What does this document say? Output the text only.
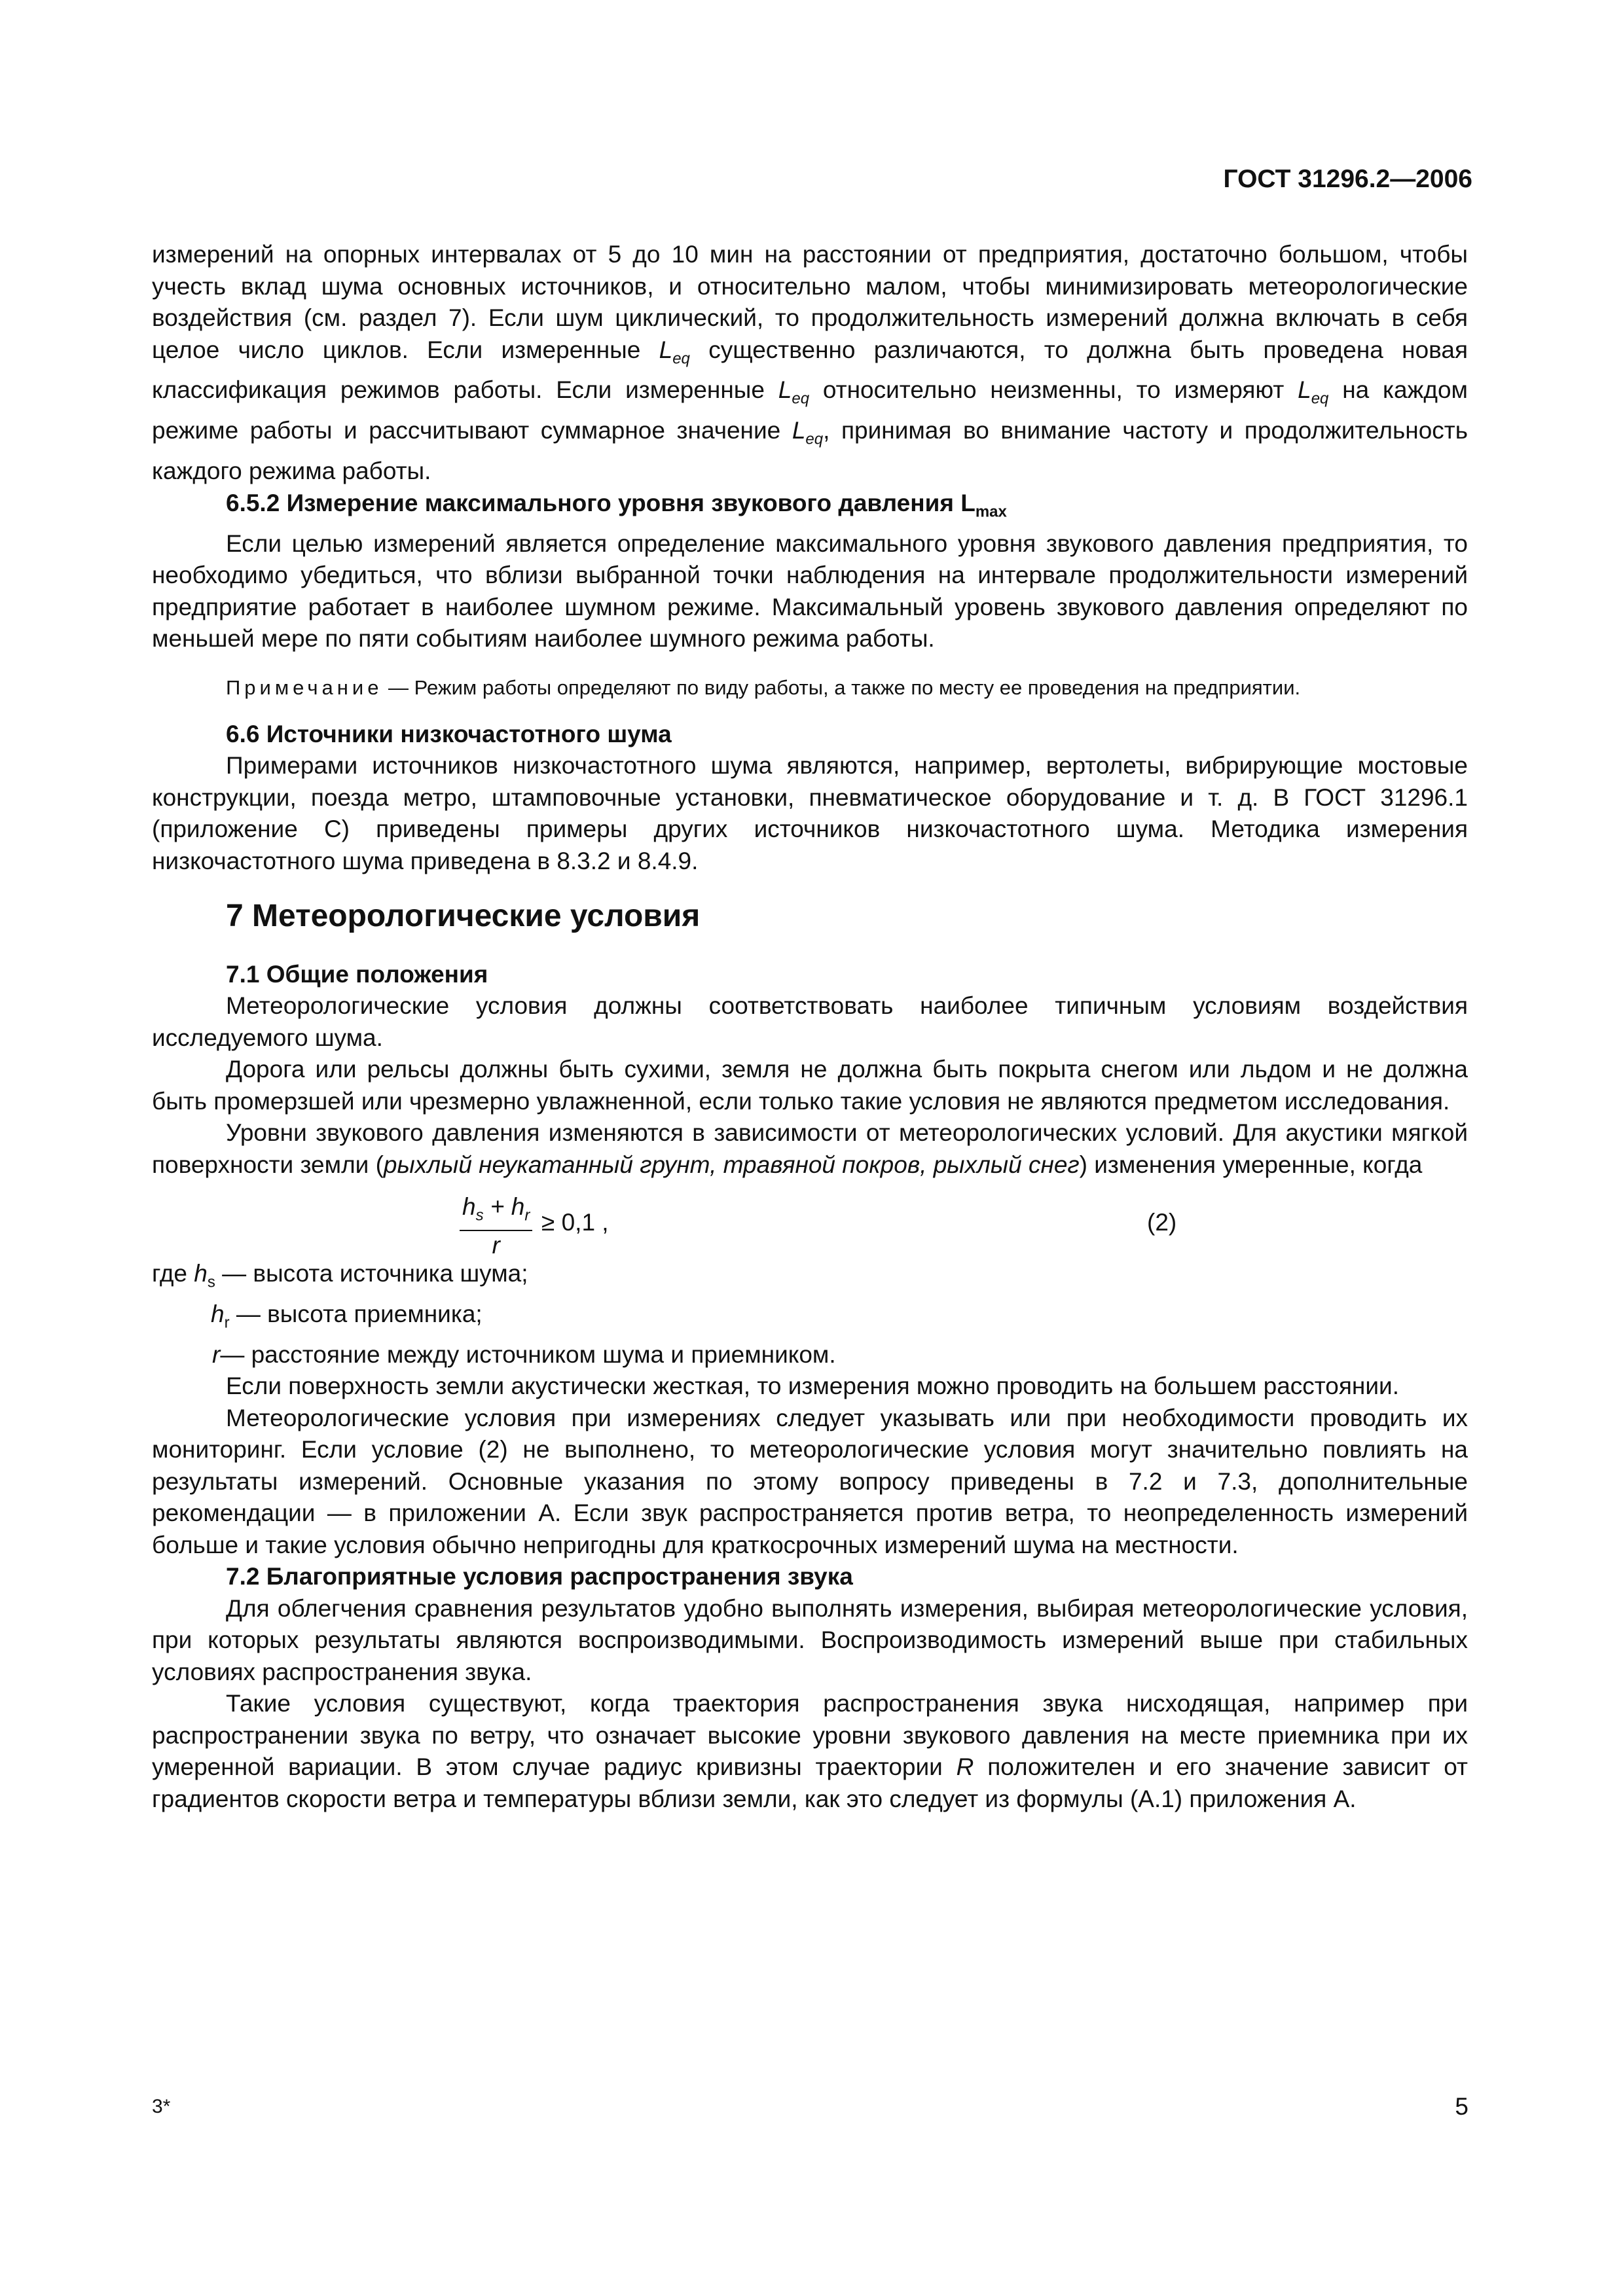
ГОСТ 31296.2—2006

измерений на опорных интервалах от 5 до 10 мин на расстоянии от предприятия, достаточно большом, чтобы учесть вклад шума основных источников, и относительно малом, чтобы минимизировать метеорологические воздействия (см. раздел 7). Если шум циклический, то продолжительность измерений должна включать в себя целое число циклов. Если измеренные $L_{eq}$ существенно различаются, то должна быть проведена новая классификация режимов работы. Если измеренные $L_{eq}$ относительно неизменны, то измеряют $L_{eq}$ на каждом режиме работы и рассчитывают суммарное значение $L_{eq}$, принимая во внимание частоту и продолжительность каждого режима работы.

6.5.2 Измерение максимального уровня звукового давления $L_{max}$

Если целью измерений является определение максимального уровня звукового давления предприятия, то необходимо убедиться, что вблизи выбранной точки наблюдения на интервале продолжительности измерений предприятие работает в наиболее шумном режиме. Максимальный уровень звукового давления определяют по меньшей мере по пяти событиям наиболее шумного режима работы.

Примечание — Режим работы определяют по виду работы, а также по месту ее проведения на предприятии.

6.6 Источники низкочастотного шума

Примерами источников низкочастотного шума являются, например, вертолеты, вибрирующие мостовые конструкции, поезда метро, штамповочные установки, пневматическое оборудование и т. д. В ГОСТ 31296.1 (приложение С) приведены примеры других источников низкочастотного шума. Методика измерения низкочастотного шума приведена в 8.3.2 и 8.4.9.

7 Метеорологические условия

7.1 Общие положения

Метеорологические условия должны соответствовать наиболее типичным условиям воздействия исследуемого шума.

Дорога или рельсы должны быть сухими, земля не должна быть покрыта снегом или льдом и не должна быть промерзшей или чрезмерно увлажненной, если только такие условия не являются предметом исследования.

Уровни звукового давления изменяются в зависимости от метеорологических условий. Для акустики мягкой поверхности земли (рыхлый неукатанный грунт, травяной покров, рыхлый снег) изменения умеренные, когда

$\frac{h_s + h_r}{r} \ge 0,1$ ,	(2)

где $h_s$ — высота источника шума;

$h_r$ — высота приемника;

r— расстояние между источником шума и приемником.

Если поверхность земли акустически жесткая, то измерения можно проводить на большем расстоянии.

Метеорологические условия при измерениях следует указывать или при необходимости проводить их мониторинг. Если условие (2) не выполнено, то метеорологические условия могут значительно повлиять на результаты измерений. Основные указания по этому вопросу приведены в 7.2 и 7.3, дополнительные рекомендации — в приложении А. Если звук распространяется против ветра, то неопределенность измерений больше и такие условия обычно непригодны для краткосрочных измерений шума на местности.

7.2 Благоприятные условия распространения звука

Для облегчения сравнения результатов удобно выполнять измерения, выбирая метеорологические условия, при которых результаты являются воспроизводимыми. Воспроизводимость измерений выше при стабильных условиях распространения звука.

Такие условия существуют, когда траектория распространения звука нисходящая, например при распространении звука по ветру, что означает высокие уровни звукового давления на месте приемника при их умеренной вариации. В этом случае радиус кривизны траектории R положителен и его значение зависит от градиентов скорости ветра и температуры вблизи земли, как это следует из формулы (А.1) приложения А.

3*	5
